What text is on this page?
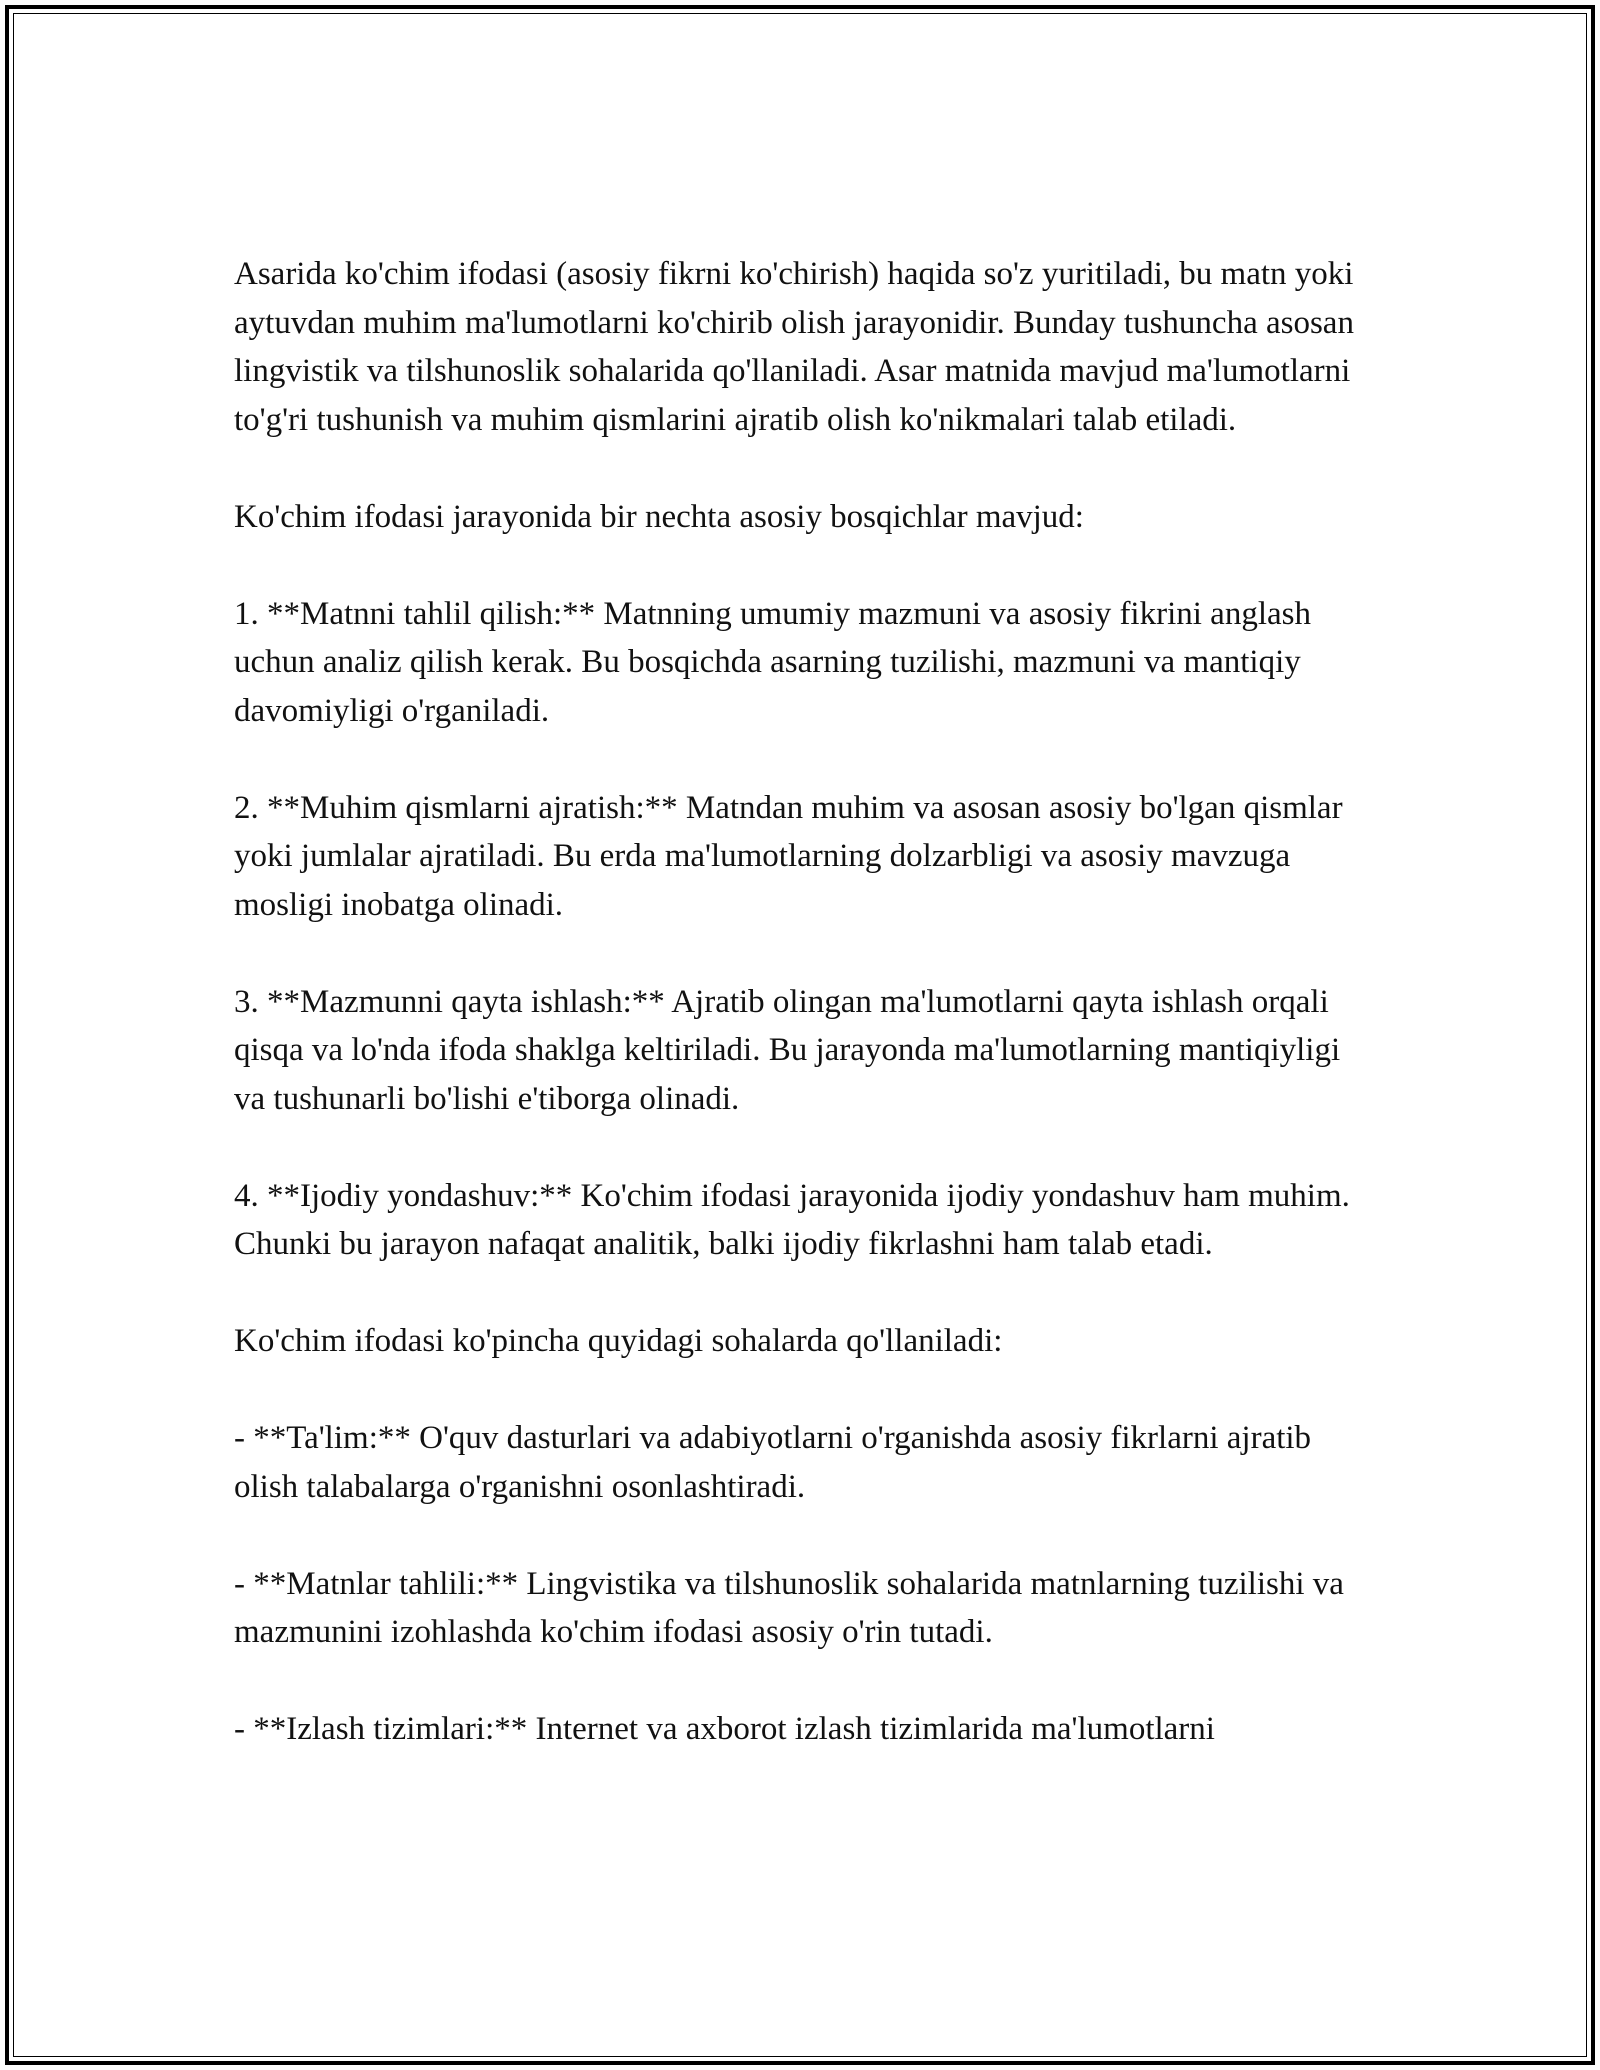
Asarida ko'chim ifodasi (asosiy fikrni ko'chirish) haqida so'z yuritiladi, bu matn yoki aytuvdan muhim ma'lumotlarni ko'chirib olish jarayonidir. Bunday tushuncha asosan lingvistik va tilshunoslik sohalarida qo'llaniladi. Asar matnida mavjud ma'lumotlarni to'g'ri tushunish va muhim qismlarini ajratib olish ko'nikmalari talab etiladi.

Ko'chim ifodasi jarayonida bir nechta asosiy bosqichlar mavjud:

1. **Matnni tahlil qilish:** Matnning umumiy mazmuni va asosiy fikrini anglash uchun analiz qilish kerak. Bu bosqichda asarning tuzilishi, mazmuni va mantiqiy davomiyligi o'rganiladi.

2. **Muhim qismlarni ajratish:** Matndan muhim va asosan asosiy bo'lgan qismlar yoki jumlalar ajratiladi. Bu erda ma'lumotlarning dolzarbligi va asosiy mavzuga mosligi inobatga olinadi.

3. **Mazmunni qayta ishlash:** Ajratib olingan ma'lumotlarni qayta ishlash orqali qisqa va lo'nda ifoda shaklga keltiriladi. Bu jarayonda ma'lumotlarning mantiqiyligi va tushunarli bo'lishi e'tiborga olinadi.

4. **Ijodiy yondashuv:** Ko'chim ifodasi jarayonida ijodiy yondashuv ham muhim. Chunki bu jarayon nafaqat analitik, balki ijodiy fikrlashni ham talab etadi.

Ko'chim ifodasi ko'pincha quyidagi sohalarda qo'llaniladi:

- **Ta'lim:** O'quv dasturlari va adabiyotlarni o'rganishda asosiy fikrlarni ajratib olish talabalarga o'rganishni osonlashtiradi.

- **Matnlar tahlili:** Lingvistika va tilshunoslik sohalarida matnlarning tuzilishi va mazmunini izohlashda ko'chim ifodasi asosiy o'rin tutadi.

- **Izlash tizimlari:** Internet va axborot izlash tizimlarida ma'lumotlarni
